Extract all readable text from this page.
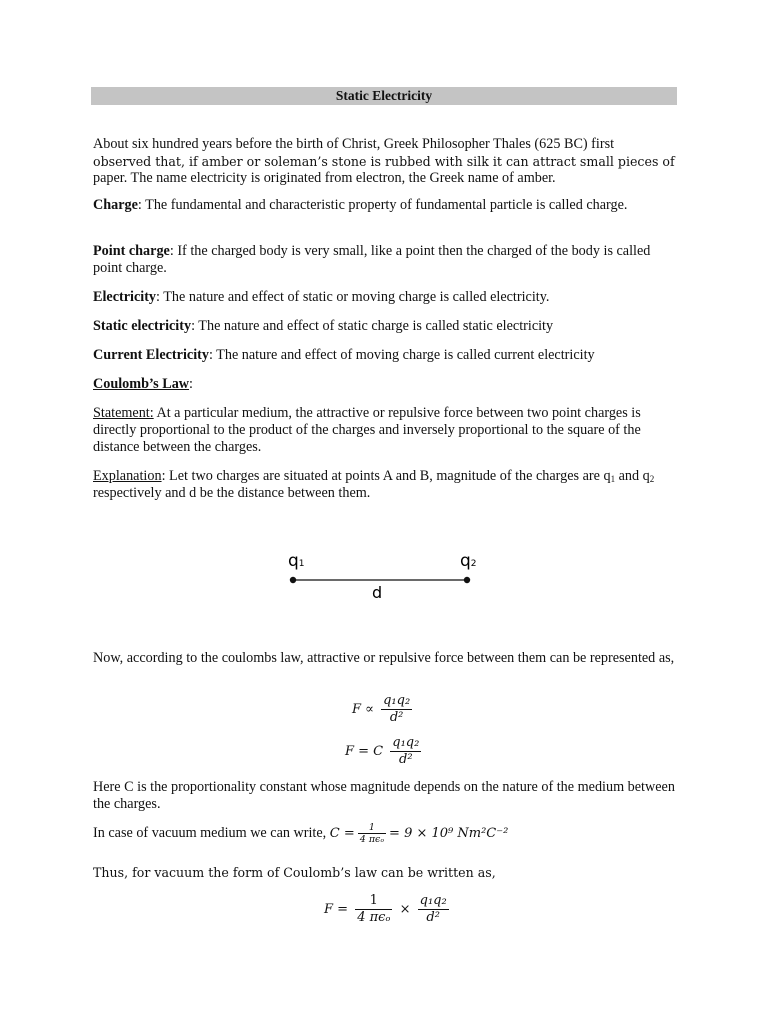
Static Electricity
About six hundred years before the birth of Christ, Greek Philosopher Thales (625 BC) first
observed that, if amber or soleman’s stone is rubbed with silk it can attract small pieces of
paper. The name electricity is originated from electron, the Greek name of amber.
Charge: The fundamental and characteristic property of fundamental particle is called charge.
Point charge: If the charged body is very small, like a point then the charged of the body is called point charge.
Electricity: The nature and effect of static or moving charge is called electricity.
Static electricity: The nature and effect of static charge is called static electricity
Current Electricity: The nature and effect of moving charge is called current electricity
Coulomb’s Law:
Statement: At a particular medium, the attractive or repulsive force between two point charges is directly proportional to the product of the charges and inversely proportional to the square of the distance between the charges.
Explanation: Let two charges are situated at points A and B, magnitude of the charges are $q_1$ and $q_2$ respectively and d be the distance between them.
q1	q2
d
Now, according to the coulombs law, attractive or repulsive force between them can be represented as,
$F \propto \frac{\text{q₁q₂}}{\text{d²}}$
F = C $\frac{\text{q₁q₂}}{\text{d²}}$
Here C is the proportionality constant whose magnitude depends on the nature of the medium between the charges.
In case of vacuum medium we can write, $C = \frac{1}{\text{4 πϵₒ}} = 9 \times 10^9$ Nm²C⁻²
Thus, for vacuum the form of Coulomb’s law can be written as,
$F = \frac{1}{\text{4 πϵₒ}} \times \frac{\text{q₁q₂}}{\text{d²}}$
